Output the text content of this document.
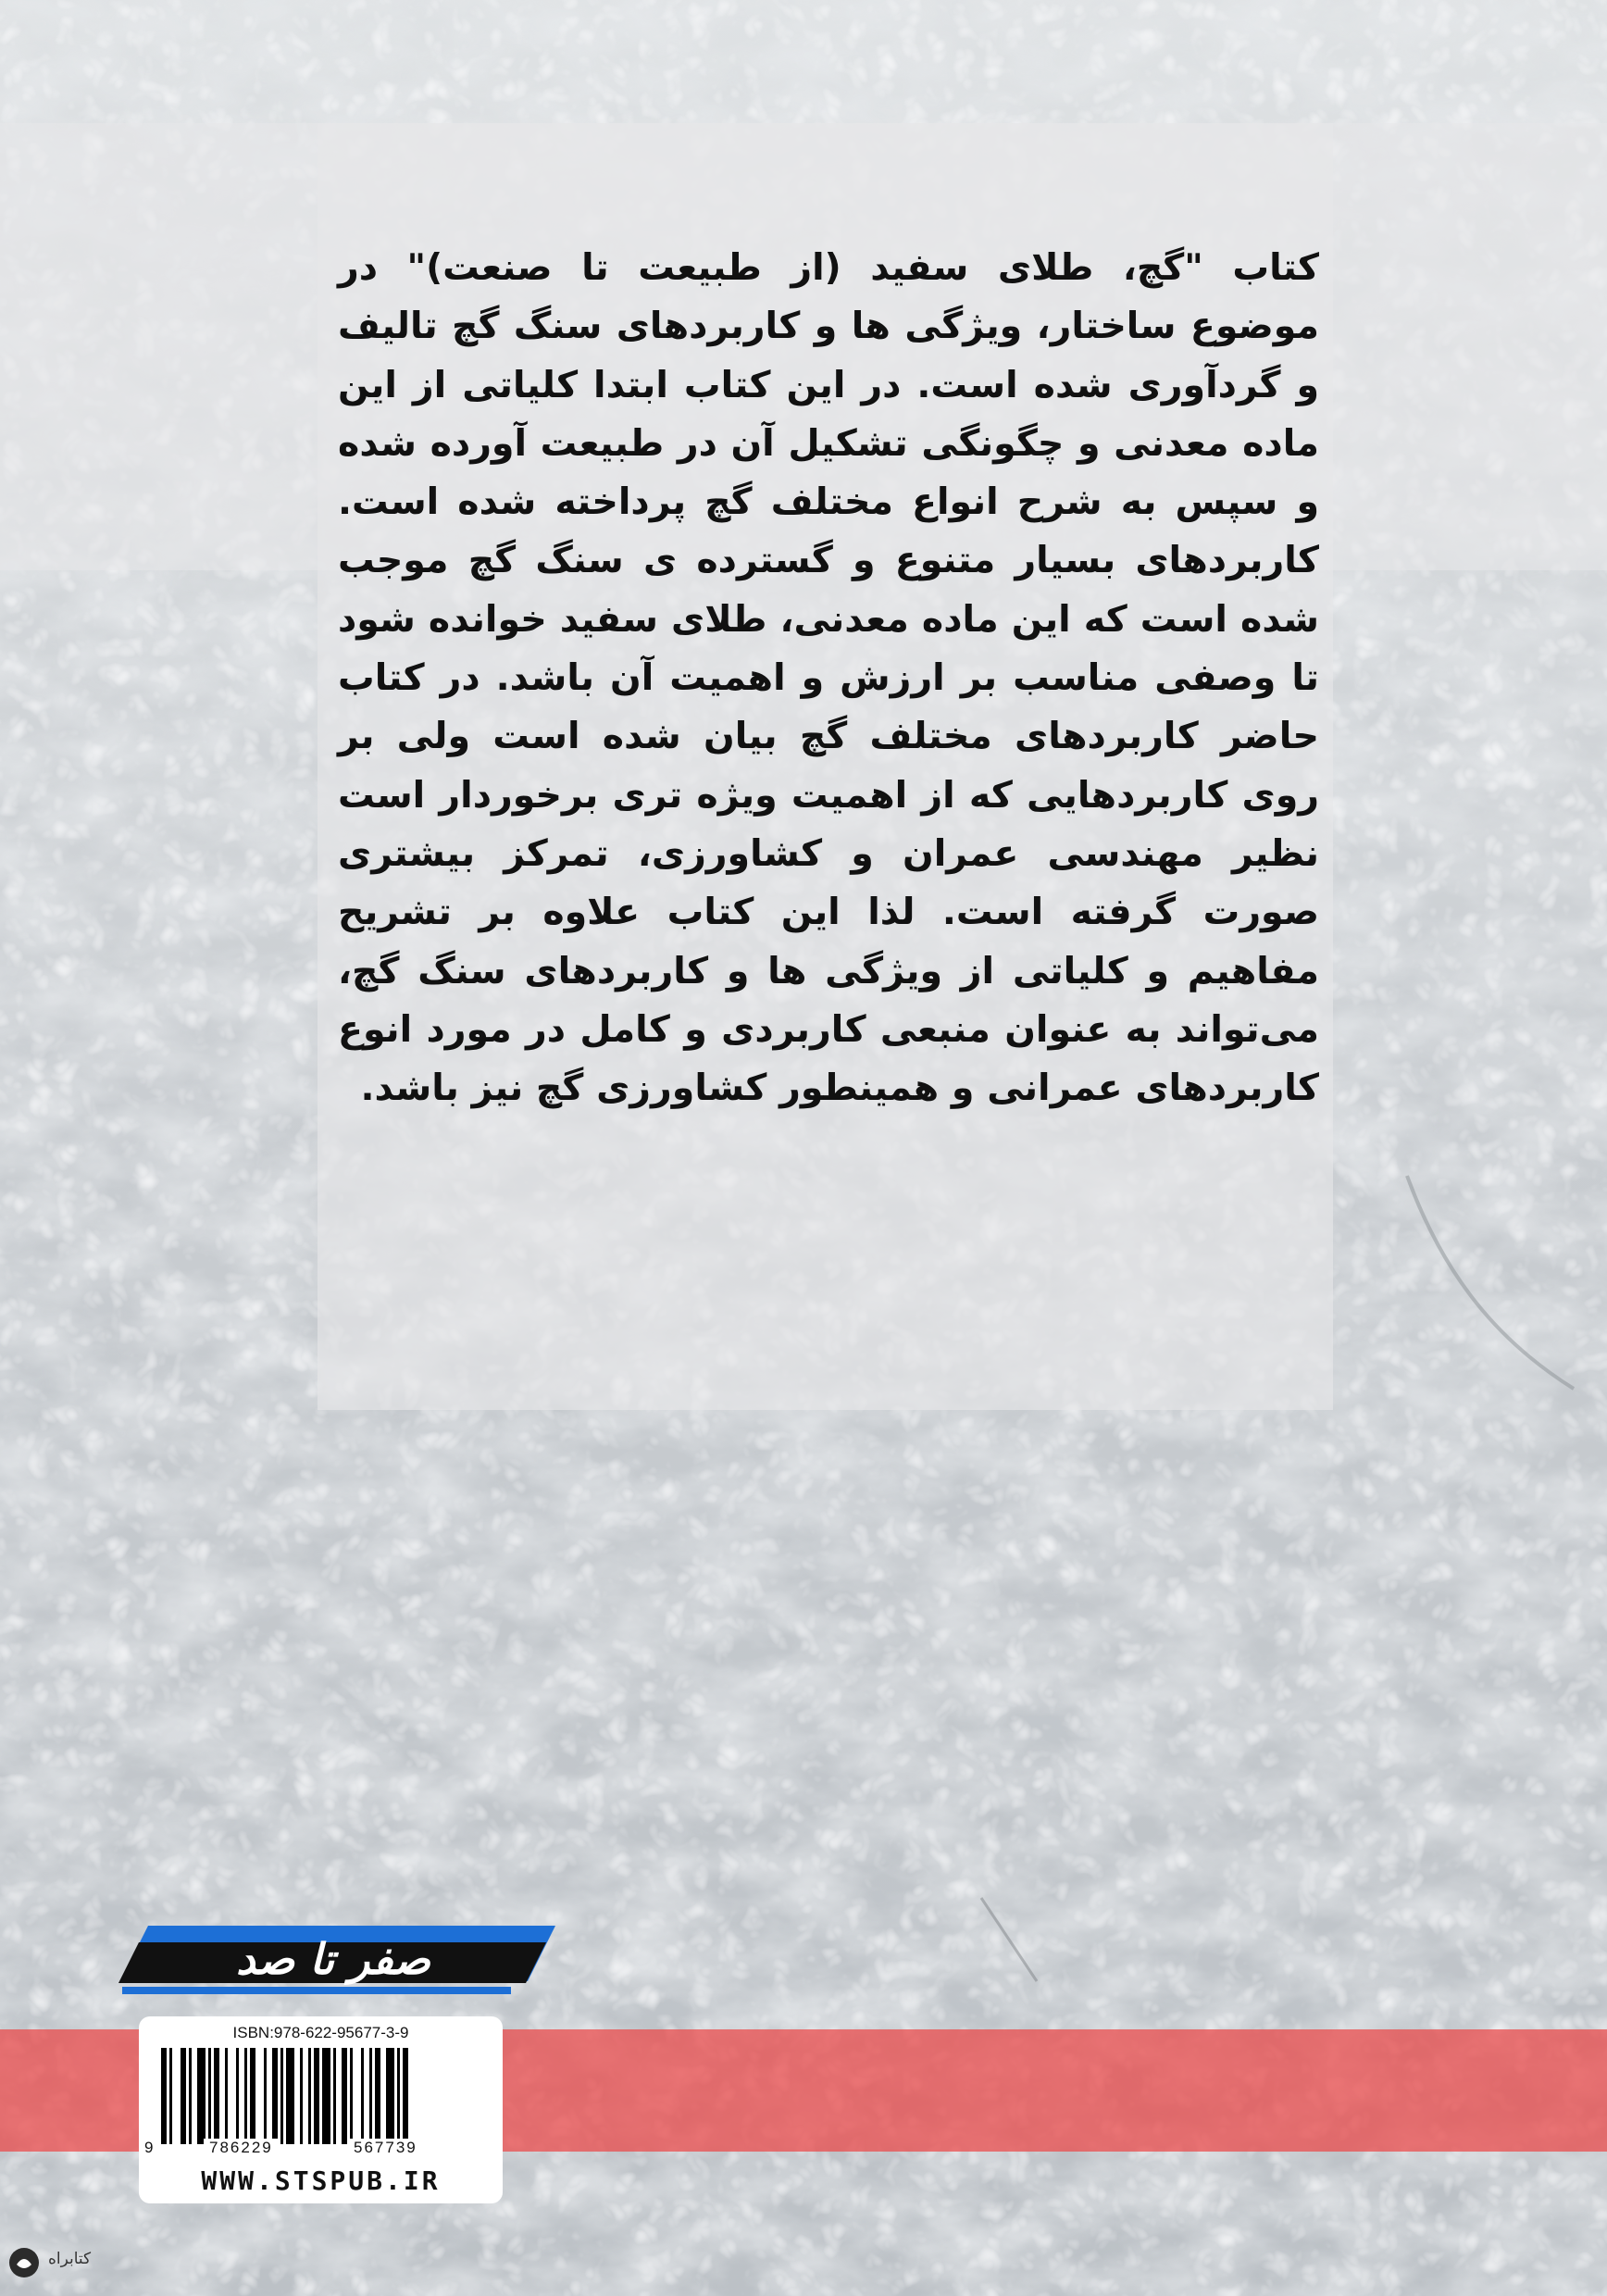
کتاب "گچ، طلای سفید (از طبیعت تا صنعت)" در موضوع ساختار، ویژگی ها و کاربردهای سنگ گچ تالیف و گردآوری شده است. در این کتاب ابتدا کلیاتی از این ماده معدنی و چگونگی تشکیل آن در طبیعت آورده شده و سپس به شرح انواع مختلف گچ پرداخته شده است. کاربردهای بسیار متنوع و گسترده ی سنگ گچ موجب شده است که این ماده معدنی، طلای سفید خوانده شود تا وصفی مناسب بر ارزش و اهمیت آن باشد. در کتاب حاضر کاربردهای مختلف گچ بیان شده است ولی بر روی کاربردهایی که از اهمیت ویژه تری برخوردار است نظیر مهندسی عمران و کشاورزی، تمرکز بیشتری صورت گرفته است. لذا این کتاب علاوه بر تشریح مفاهیم و کلیاتی از ویژگی ها و کاربردهای سنگ گچ، می‌تواند به عنوان منبعی کاربردی و کامل در مورد انوع کاربردهای عمرانی و همینطور کشاورزی گچ نیز باشد.

صفر تا صد
ISBN:978-622-95677-3-9
9	786229	567739
WWW.STSPUB.IR
کتابراه
